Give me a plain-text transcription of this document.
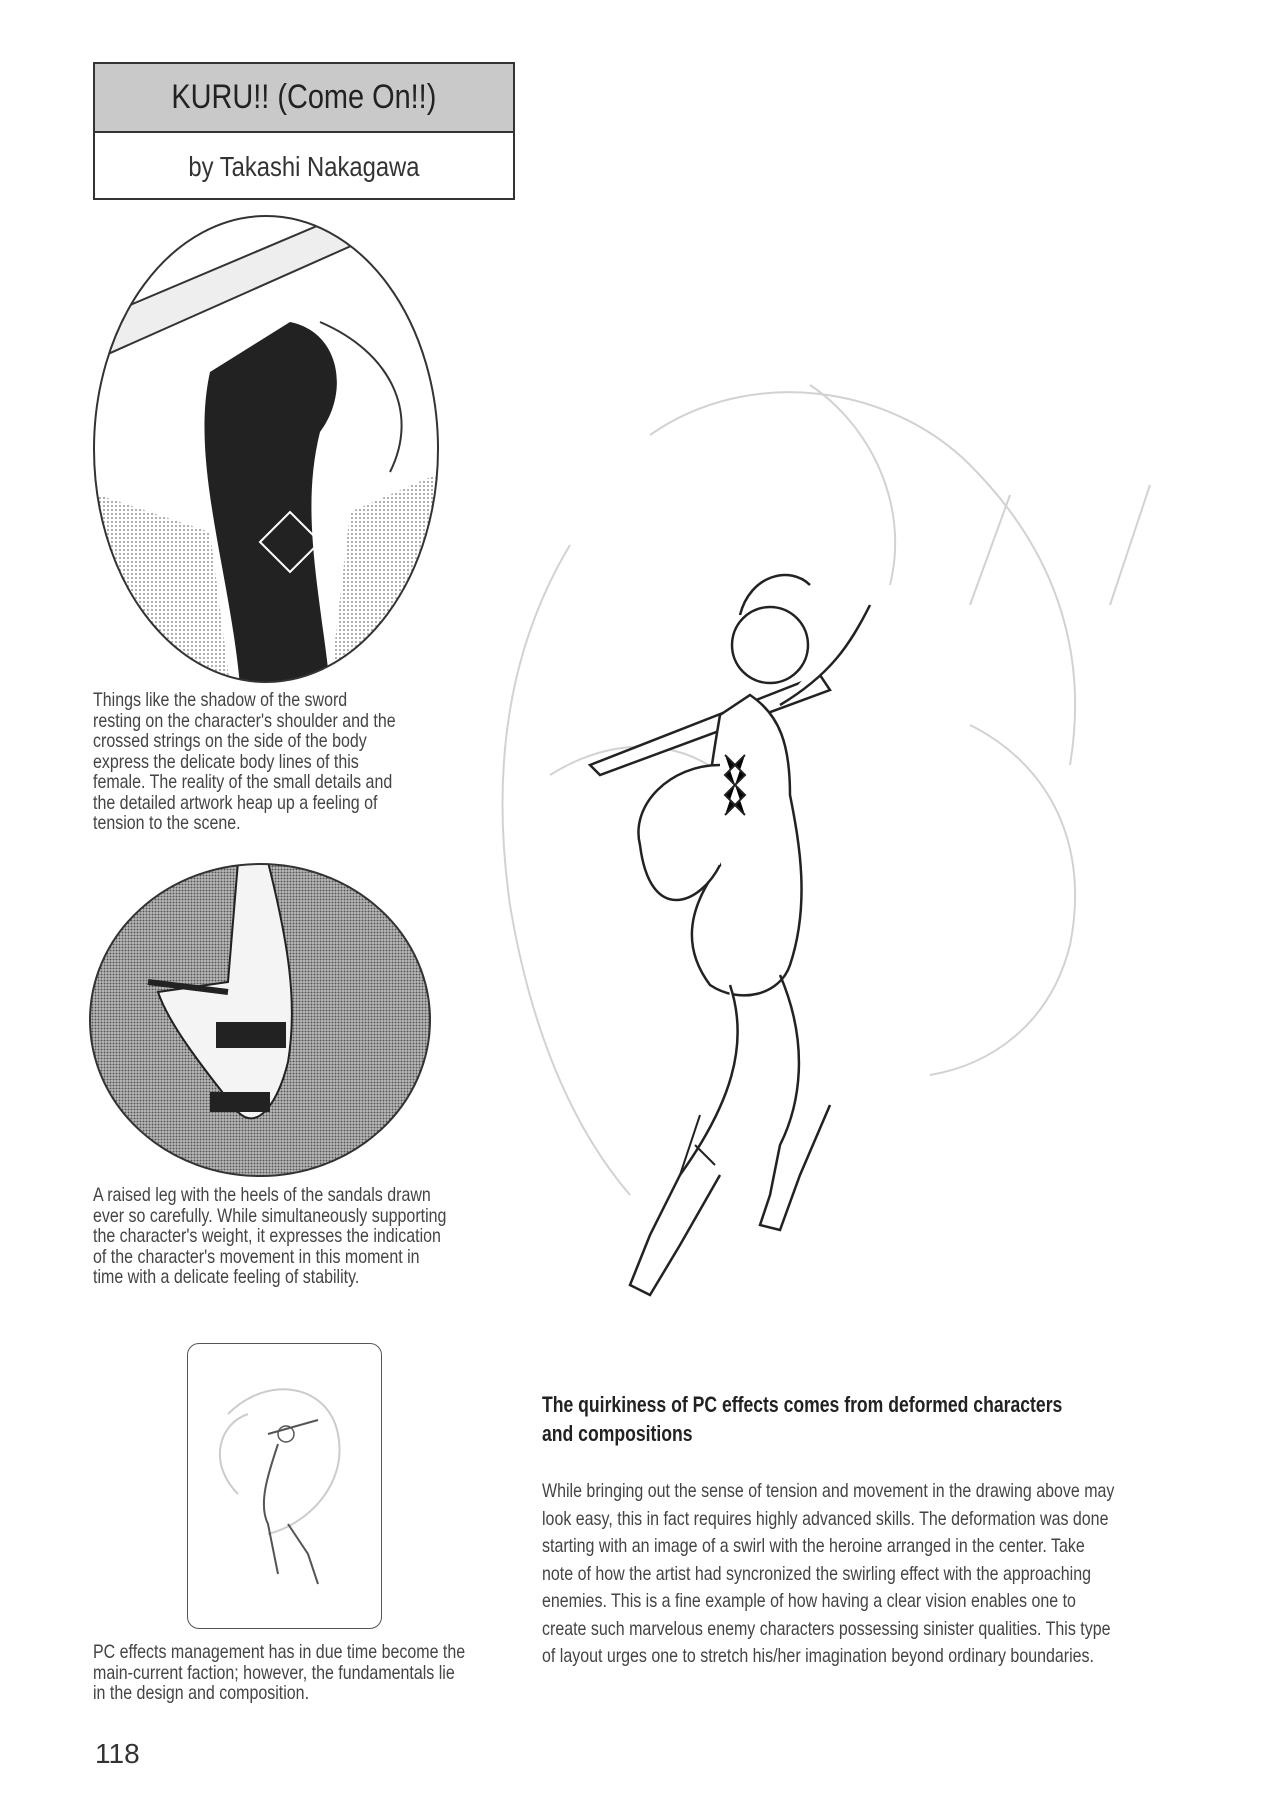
KURU!! (Come On!!)
by Takashi Nakagawa
Things like the shadow of the sword
resting on the character's shoulder and the
crossed strings on the side of the body
express the delicate body lines of this
female. The reality of the small details and
the detailed artwork heap up a feeling of
tension to the scene.
A raised leg with the heels of the sandals drawn
ever so carefully. While simultaneously supporting
the character's weight, it expresses the indication
of the character's movement in this moment in
time with a delicate feeling of stability.
PC effects management has in due time become the
main-current faction; however, the fundamentals lie
in the design and composition.
The quirkiness of PC effects comes from deformed characters
and compositions
While bringing out the sense of tension and movement in the drawing above may
look easy, this in fact requires highly advanced skills. The deformation was done
starting with an image of a swirl with the heroine arranged in the center. Take
note of how the artist had syncronized the swirling effect with the approaching
enemies. This is a fine example of how having a clear vision enables one to
create such marvelous enemy characters possessing sinister qualities. This type
of layout urges one to stretch his/her imagination beyond ordinary boundaries.
118
